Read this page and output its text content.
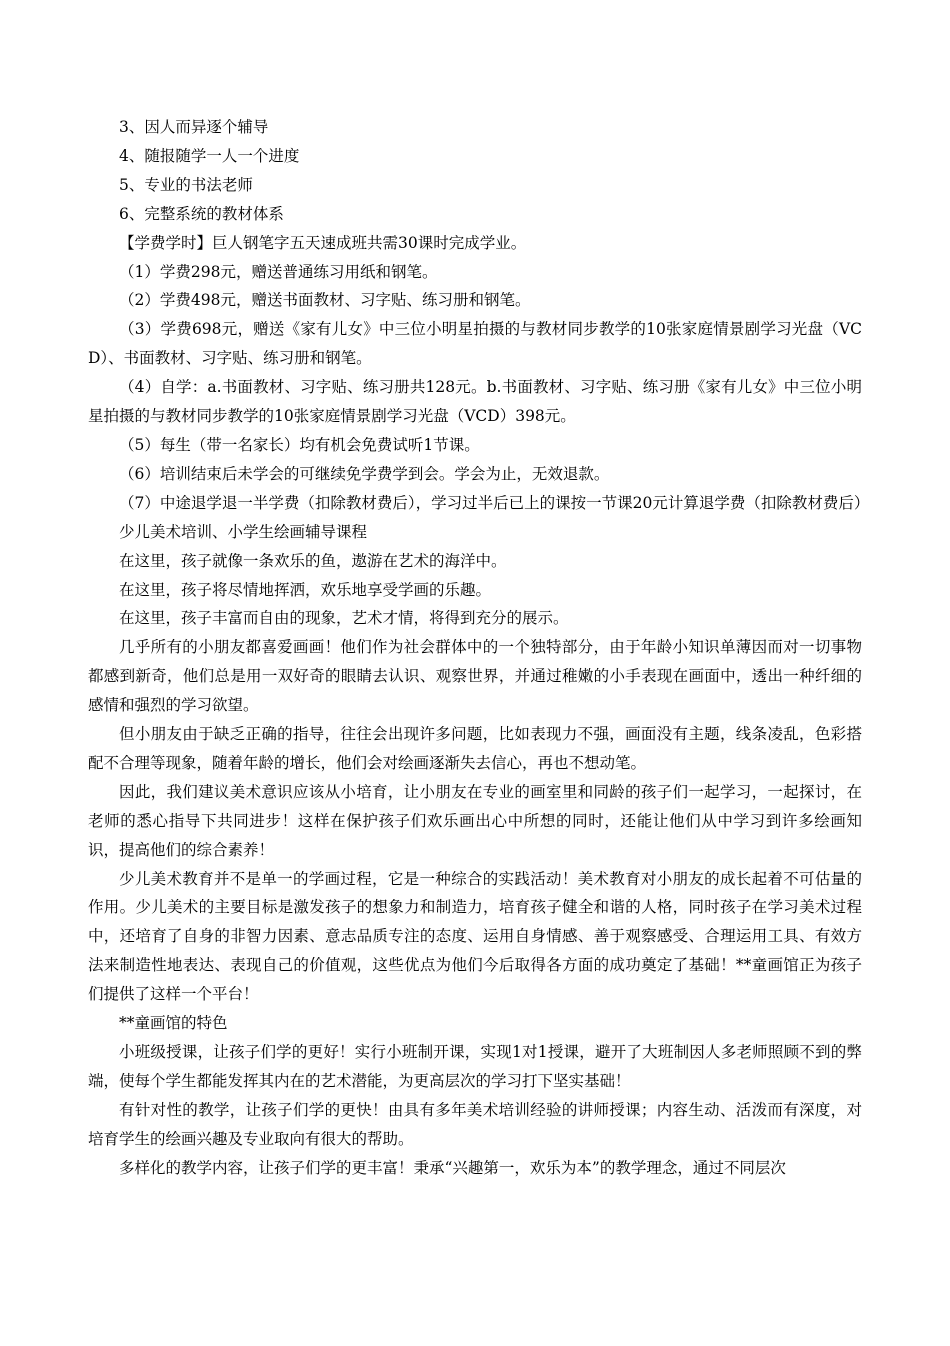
3、因人而异逐个辅导

4、随报随学一人一个进度

5、专业的书法老师

6、完整系统的教材体系

【学费学时】巨人钢笔字五天速成班共需30课时完成学业。

（1）学费298元，赠送普通练习用纸和钢笔。

（2）学费498元，赠送书面教材、习字贴、练习册和钢笔。

（3）学费698元，赠送《家有儿女》中三位小明星拍摄的与教材同步教学的10张家庭情景剧学习光盘（VCD）、书面教材、习字贴、练习册和钢笔。

（4）自学：a.书面教材、习字贴、练习册共128元。b.书面教材、习字贴、练习册《家有儿女》中三位小明星拍摄的与教材同步教学的10张家庭情景剧学习光盘（VCD）398元。

（5）每生（带一名家长）均有机会免费试听1节课。

（6）培训结束后未学会的可继续免学费学到会。学会为止，无效退款。

（7）中途退学退一半学费（扣除教材费后），学习过半后已上的课按一节课20元计算退学费（扣除教材费后）

少儿美术培训、小学生绘画辅导课程

在这里，孩子就像一条欢乐的鱼，遨游在艺术的海洋中。

在这里，孩子将尽情地挥洒，欢乐地享受学画的乐趣。

在这里，孩子丰富而自由的现象，艺术才情，将得到充分的展示。

几乎所有的小朋友都喜爱画画！他们作为社会群体中的一个独特部分，由于年龄小知识单薄因而对一切事物都感到新奇，他们总是用一双好奇的眼睛去认识、观察世界，并通过稚嫩的小手表现在画面中，透出一种纤细的感情和强烈的学习欲望。

但小朋友由于缺乏正确的指导，往往会出现许多问题，比如表现力不强，画面没有主题，线条凌乱，色彩搭配不合理等现象，随着年龄的增长，他们会对绘画逐渐失去信心，再也不想动笔。

因此，我们建议美术意识应该从小培育，让小朋友在专业的画室里和同龄的孩子们一起学习，一起探讨，在老师的悉心指导下共同进步！这样在保护孩子们欢乐画出心中所想的同时，还能让他们从中学习到许多绘画知识，提高他们的综合素养！

少儿美术教育并不是单一的学画过程，它是一种综合的实践活动！美术教育对小朋友的成长起着不可估量的作用。少儿美术的主要目标是激发孩子的想象力和制造力，培育孩子健全和谐的人格，同时孩子在学习美术过程中，还培育了自身的非智力因素、意志品质专注的态度、运用自身情感、善于观察感受、合理运用工具、有效方法来制造性地表达、表现自己的价值观，这些优点为他们今后取得各方面的成功奠定了基础！**童画馆正为孩子们提供了这样一个平台！

**童画馆的特色

小班级授课，让孩子们学的更好！实行小班制开课，实现1对1授课，避开了大班制因人多老师照顾不到的弊端，使每个学生都能发挥其内在的艺术潜能，为更高层次的学习打下坚实基础！

有针对性的教学，让孩子们学的更快！由具有多年美术培训经验的讲师授课；内容生动、活泼而有深度，对培育学生的绘画兴趣及专业取向有很大的帮助。

多样化的教学内容，让孩子们学的更丰富！秉承“兴趣第一，欢乐为本”的教学理念，通过不同层次
